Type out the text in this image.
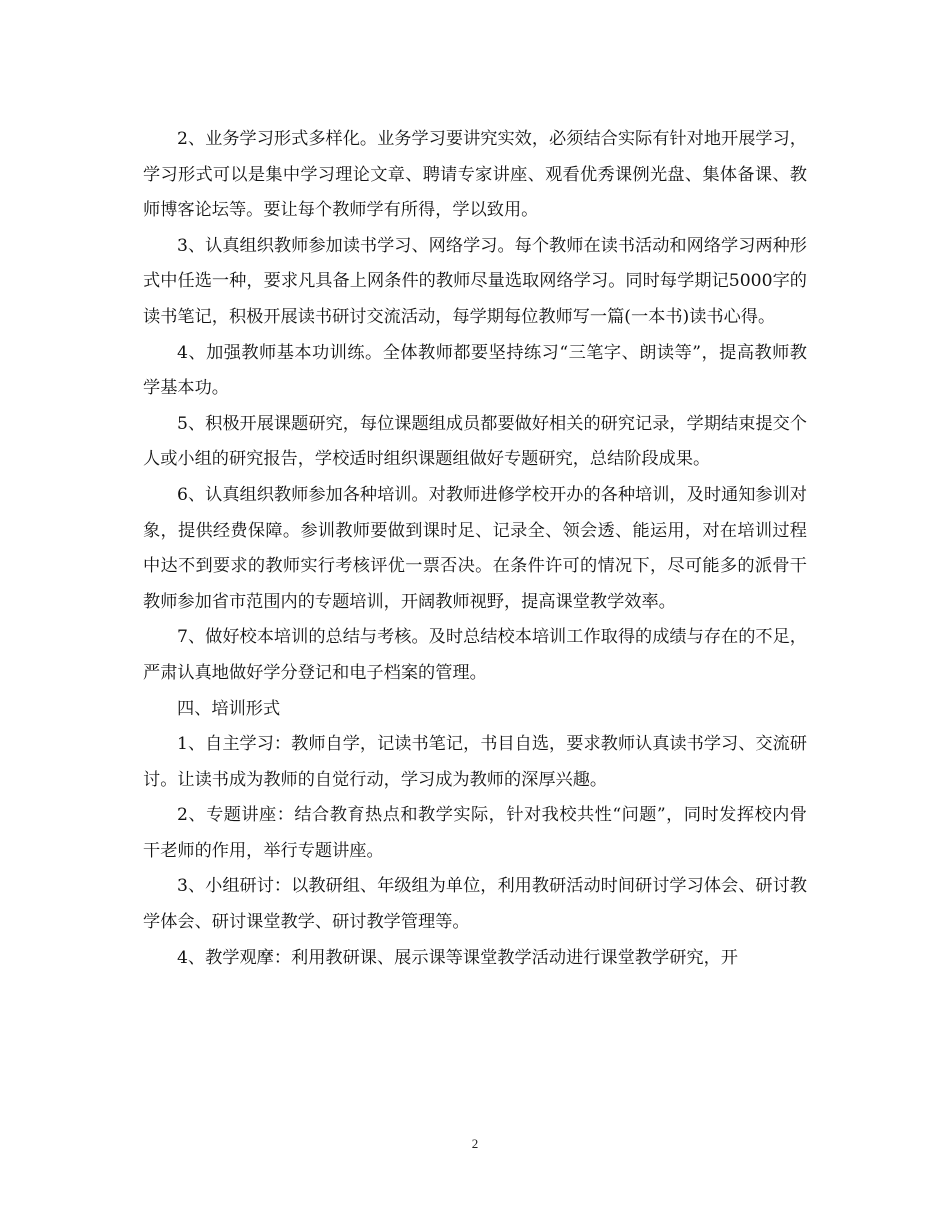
2、业务学习形式多样化。业务学习要讲究实效，必须结合实际有针对地开展学习，学习形式可以是集中学习理论文章、聘请专家讲座、观看优秀课例光盘、集体备课、教师博客论坛等。要让每个教师学有所得，学以致用。

3、认真组织教师参加读书学习、网络学习。每个教师在读书活动和网络学习两种形式中任选一种，要求凡具备上网条件的教师尽量选取网络学习。同时每学期记5000字的读书笔记，积极开展读书研讨交流活动，每学期每位教师写一篇(一本书)读书心得。

4、加强教师基本功训练。全体教师都要坚持练习“三笔字、朗读等”，提高教师教学基本功。

5、积极开展课题研究，每位课题组成员都要做好相关的研究记录，学期结束提交个人或小组的研究报告，学校适时组织课题组做好专题研究，总结阶段成果。

6、认真组织教师参加各种培训。对教师进修学校开办的各种培训，及时通知参训对象，提供经费保障。参训教师要做到课时足、记录全、领会透、能运用，对在培训过程中达不到要求的教师实行考核评优一票否决。在条件许可的情况下，尽可能多的派骨干教师参加省市范围内的专题培训，开阔教师视野，提高课堂教学效率。

7、做好校本培训的总结与考核。及时总结校本培训工作取得的成绩与存在的不足，严肃认真地做好学分登记和电子档案的管理。

四、培训形式

1、自主学习：教师自学，记读书笔记，书目自选，要求教师认真读书学习、交流研讨。让读书成为教师的自觉行动，学习成为教师的深厚兴趣。

2、专题讲座：结合教育热点和教学实际，针对我校共性“问题”，同时发挥校内骨干老师的作用，举行专题讲座。

3、小组研讨：以教研组、年级组为单位，利用教研活动时间研讨学习体会、研讨教学体会、研讨课堂教学、研讨教学管理等。

4、教学观摩：利用教研课、展示课等课堂教学活动进行课堂教学研究，开

2
